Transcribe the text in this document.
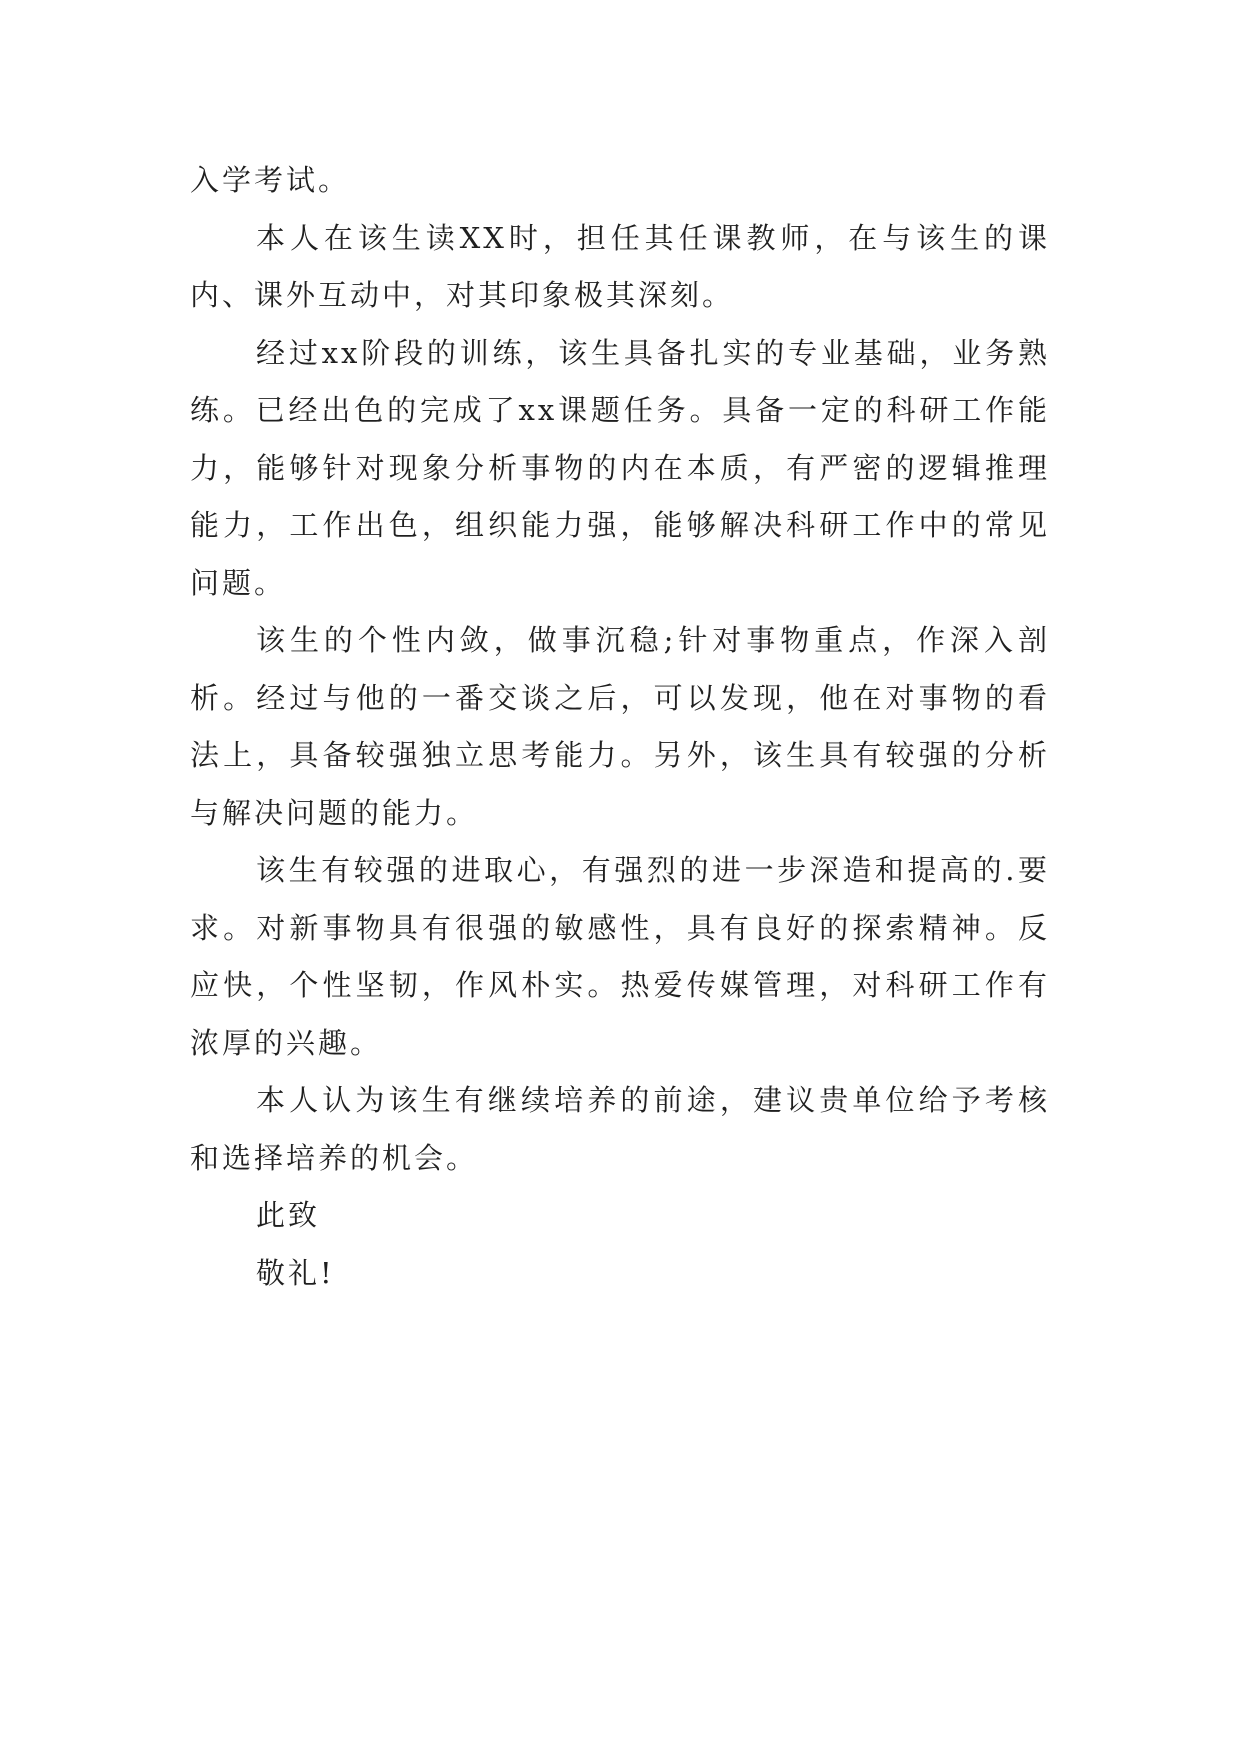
入学考试。

本人在该生读XX时，担任其任课教师，在与该生的课内、课外互动中，对其印象极其深刻。

经过xx阶段的训练，该生具备扎实的专业基础，业务熟练。已经出色的完成了xx课题任务。具备一定的科研工作能力，能够针对现象分析事物的内在本质，有严密的逻辑推理能力，工作出色，组织能力强，能够解决科研工作中的常见问题。

该生的个性内敛，做事沉稳;针对事物重点，作深入剖析。经过与他的一番交谈之后，可以发现，他在对事物的看法上，具备较强独立思考能力。另外，该生具有较强的分析与解决问题的能力。

该生有较强的进取心，有强烈的进一步深造和提高的.要求。对新事物具有很强的敏感性，具有良好的探索精神。反应快，个性坚韧，作风朴实。热爱传媒管理，对科研工作有浓厚的兴趣。

本人认为该生有继续培养的前途，建议贵单位给予考核和选择培养的机会。

此致

敬礼!
